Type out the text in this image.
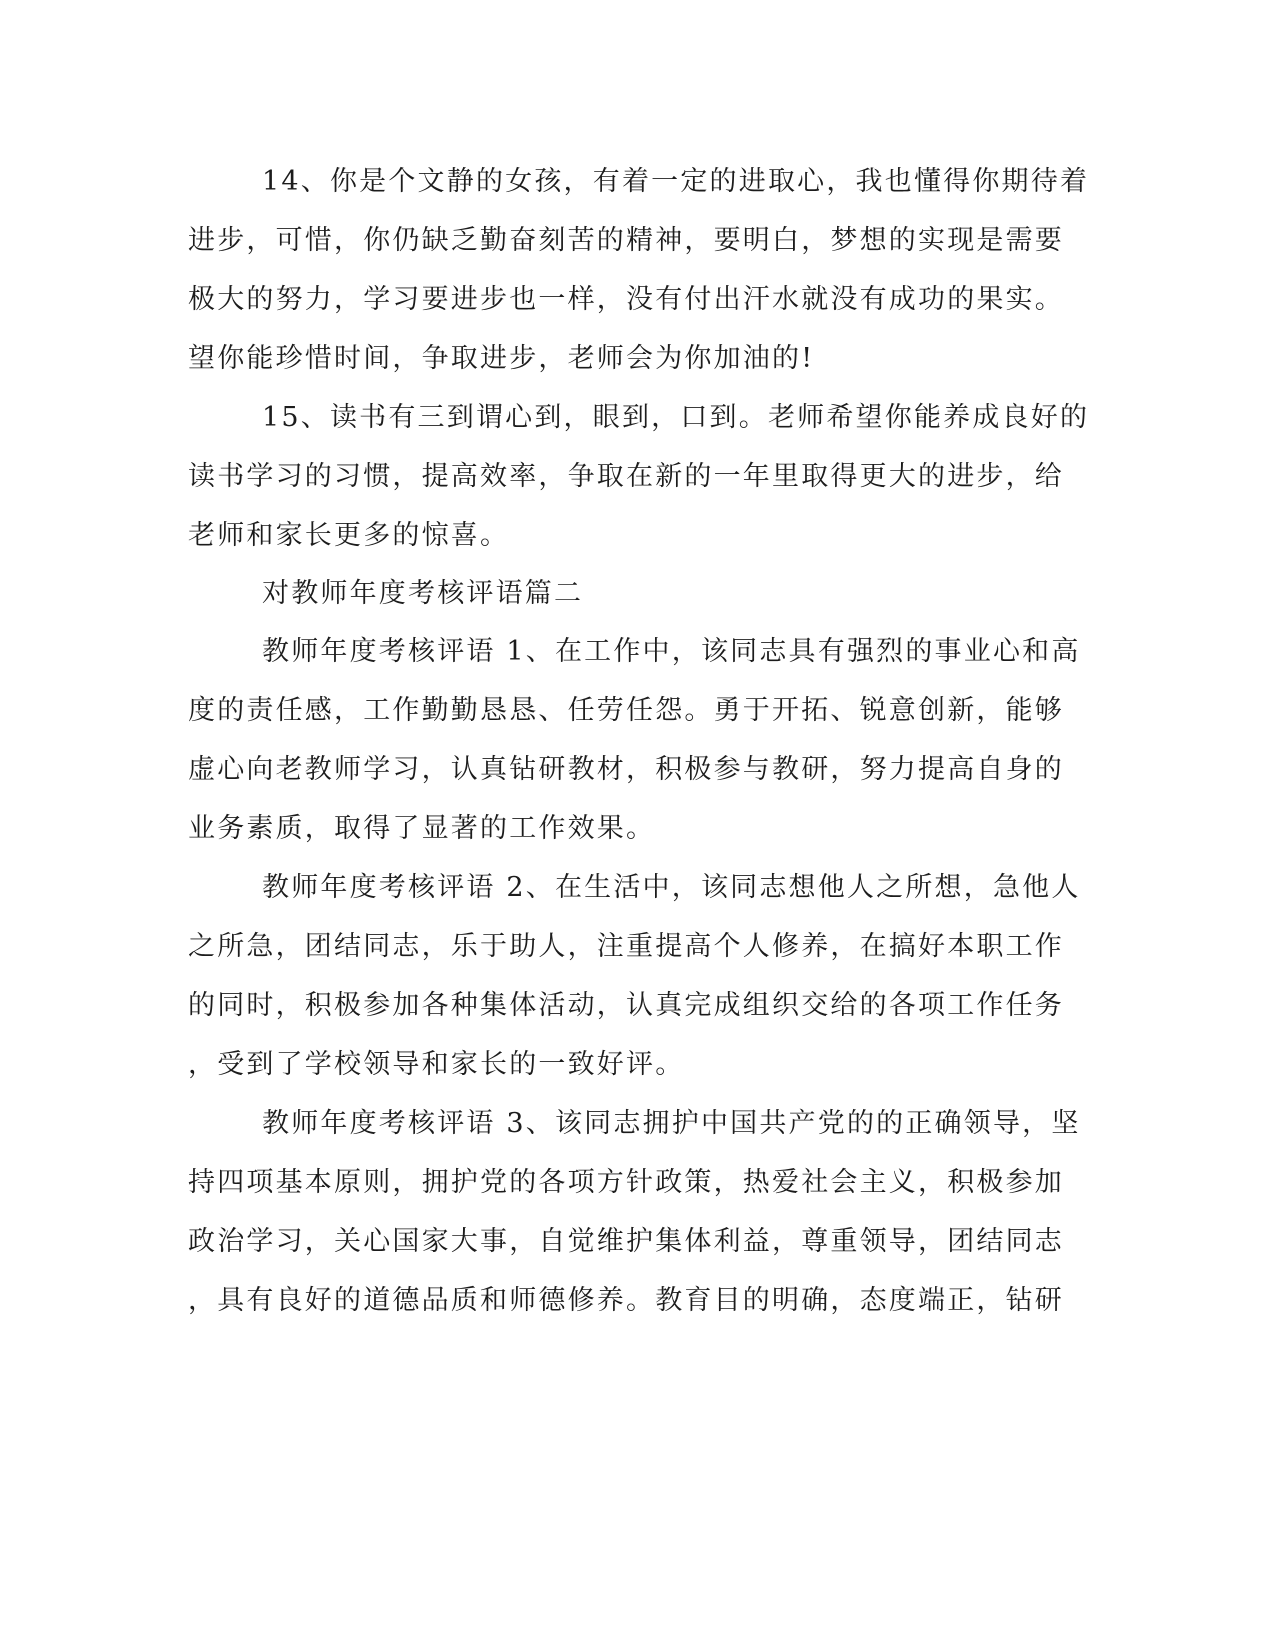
14、你是个文静的女孩，有着一定的进取心，我也懂得你期待着

进步，可惜，你仍缺乏勤奋刻苦的精神，要明白，梦想的实现是需要

极大的努力，学习要进步也一样，没有付出汗水就没有成功的果实。

望你能珍惜时间，争取进步，老师会为你加油的!

15、读书有三到谓心到，眼到，口到。老师希望你能养成良好的

读书学习的习惯，提高效率，争取在新的一年里取得更大的进步，给

老师和家长更多的惊喜。

对教师年度考核评语篇二

教师年度考核评语 1、在工作中，该同志具有强烈的事业心和高

度的责任感，工作勤勤恳恳、任劳任怨。勇于开拓、锐意创新，能够

虚心向老教师学习，认真钻研教材，积极参与教研，努力提高自身的

业务素质，取得了显著的工作效果。

教师年度考核评语 2、在生活中，该同志想他人之所想，急他人

之所急，团结同志，乐于助人，注重提高个人修养，在搞好本职工作

的同时，积极参加各种集体活动，认真完成组织交给的各项工作任务

，受到了学校领导和家长的一致好评。

教师年度考核评语 3、该同志拥护中国共产党的的正确领导，坚

持四项基本原则，拥护党的各项方针政策，热爱社会主义，积极参加

政治学习，关心国家大事，自觉维护集体利益，尊重领导，团结同志

，具有良好的道德品质和师德修养。教育目的明确，态度端正，钻研
